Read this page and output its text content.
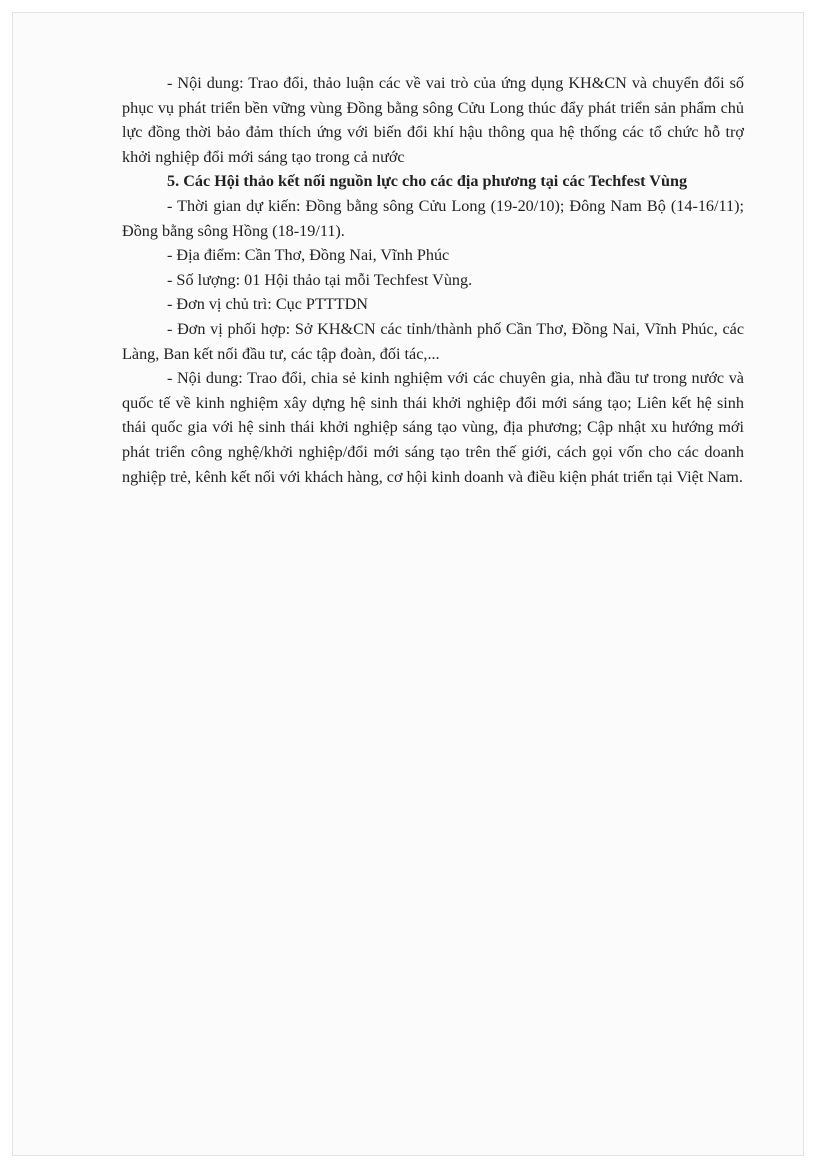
- Nội dung: Trao đổi, thảo luận các về vai trò của ứng dụng KH&CN và chuyển đổi số phục vụ phát triển bền vững vùng Đồng bằng sông Cửu Long thúc đẩy phát triển sản phẩm chủ lực đồng thời bảo đảm thích ứng với biến đổi khí hậu thông qua hệ thống các tổ chức hỗ trợ khởi nghiệp đổi mới sáng tạo trong cả nước

5. Các Hội thảo kết nối nguồn lực cho các địa phương tại các Techfest Vùng

- Thời gian dự kiến: Đồng bằng sông Cửu Long (19-20/10); Đông Nam Bộ (14-16/11); Đồng bằng sông Hồng (18-19/11).

- Địa điểm: Cần Thơ, Đồng Nai, Vĩnh Phúc

- Số lượng: 01 Hội thảo tại mỗi Techfest Vùng.

- Đơn vị chủ trì: Cục PTTTDN

- Đơn vị phối hợp: Sở KH&CN các tỉnh/thành phố Cần Thơ, Đồng Nai, Vĩnh Phúc, các Làng, Ban kết nối đầu tư, các tập đoàn, đối tác,...

- Nội dung: Trao đổi, chia sẻ kinh nghiệm với các chuyên gia, nhà đầu tư trong nước và quốc tế về kinh nghiệm xây dựng hệ sinh thái khởi nghiệp đổi mới sáng tạo; Liên kết hệ sinh thái quốc gia với hệ sinh thái khởi nghiệp sáng tạo vùng, địa phương; Cập nhật xu hướng mới phát triển công nghệ/khởi nghiệp/đổi mới sáng tạo trên thế giới, cách gọi vốn cho các doanh nghiệp trẻ, kênh kết nối với khách hàng, cơ hội kinh doanh và điều kiện phát triển tại Việt Nam.
